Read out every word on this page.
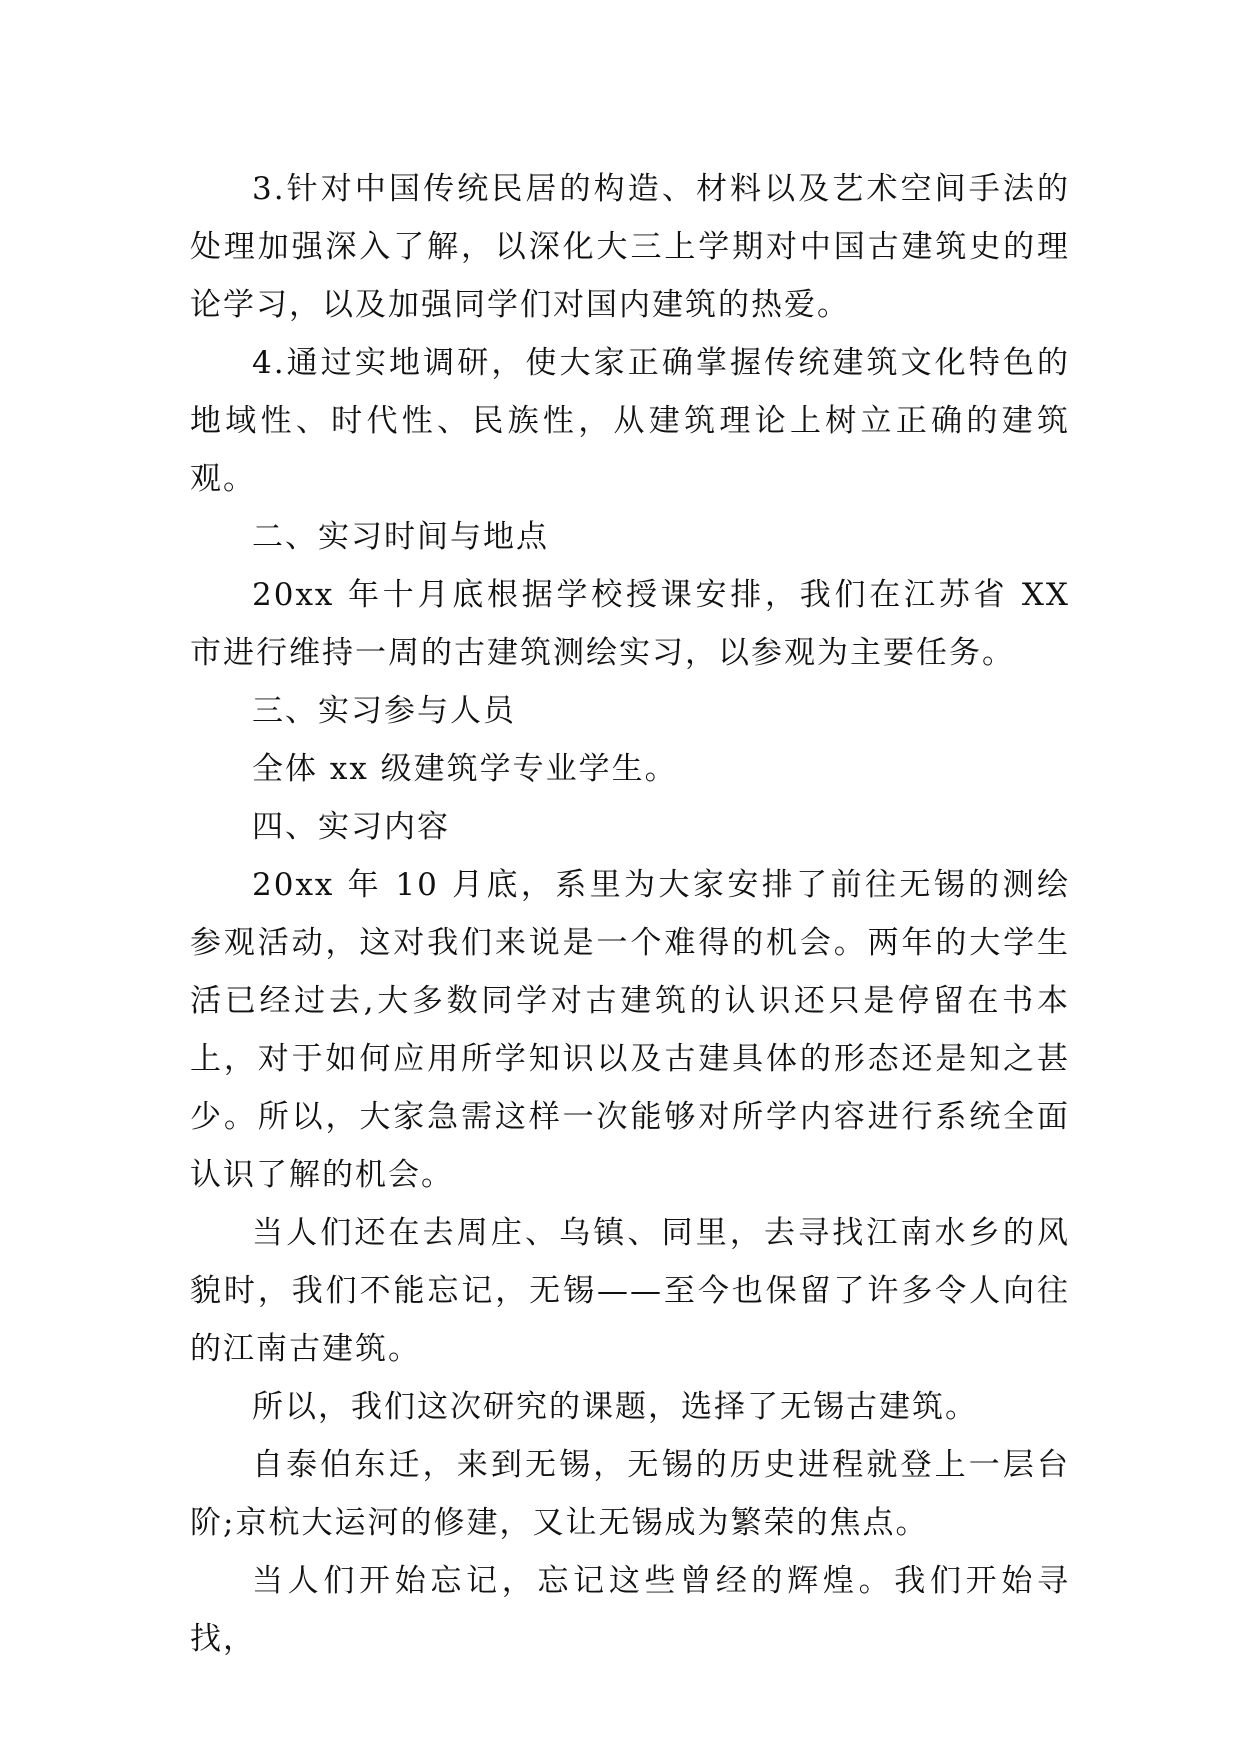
3.针对中国传统民居的构造、材料以及艺术空间手法的处理加强深入了解，以深化大三上学期对中国古建筑史的理论学习，以及加强同学们对国内建筑的热爱。

4.通过实地调研，使大家正确掌握传统建筑文化特色的地域性、时代性、民族性，从建筑理论上树立正确的建筑观。

二、实习时间与地点

20xx 年十月底根据学校授课安排，我们在江苏省 XX 市进行维持一周的古建筑测绘实习，以参观为主要任务。

三、实习参与人员

全体 xx 级建筑学专业学生。

四、实习内容

20xx 年 10 月底，系里为大家安排了前往无锡的测绘参观活动，这对我们来说是一个难得的机会。两年的大学生活已经过去,大多数同学对古建筑的认识还只是停留在书本上，对于如何应用所学知识以及古建具体的形态还是知之甚少。所以，大家急需这样一次能够对所学内容进行系统全面认识了解的机会。

当人们还在去周庄、乌镇、同里，去寻找江南水乡的风貌时，我们不能忘记，无锡——至今也保留了许多令人向往的江南古建筑。

所以，我们这次研究的课题，选择了无锡古建筑。

自泰伯东迁，来到无锡，无锡的历史进程就登上一层台阶;京杭大运河的修建，又让无锡成为繁荣的焦点。

当人们开始忘记，忘记这些曾经的辉煌。我们开始寻找，
